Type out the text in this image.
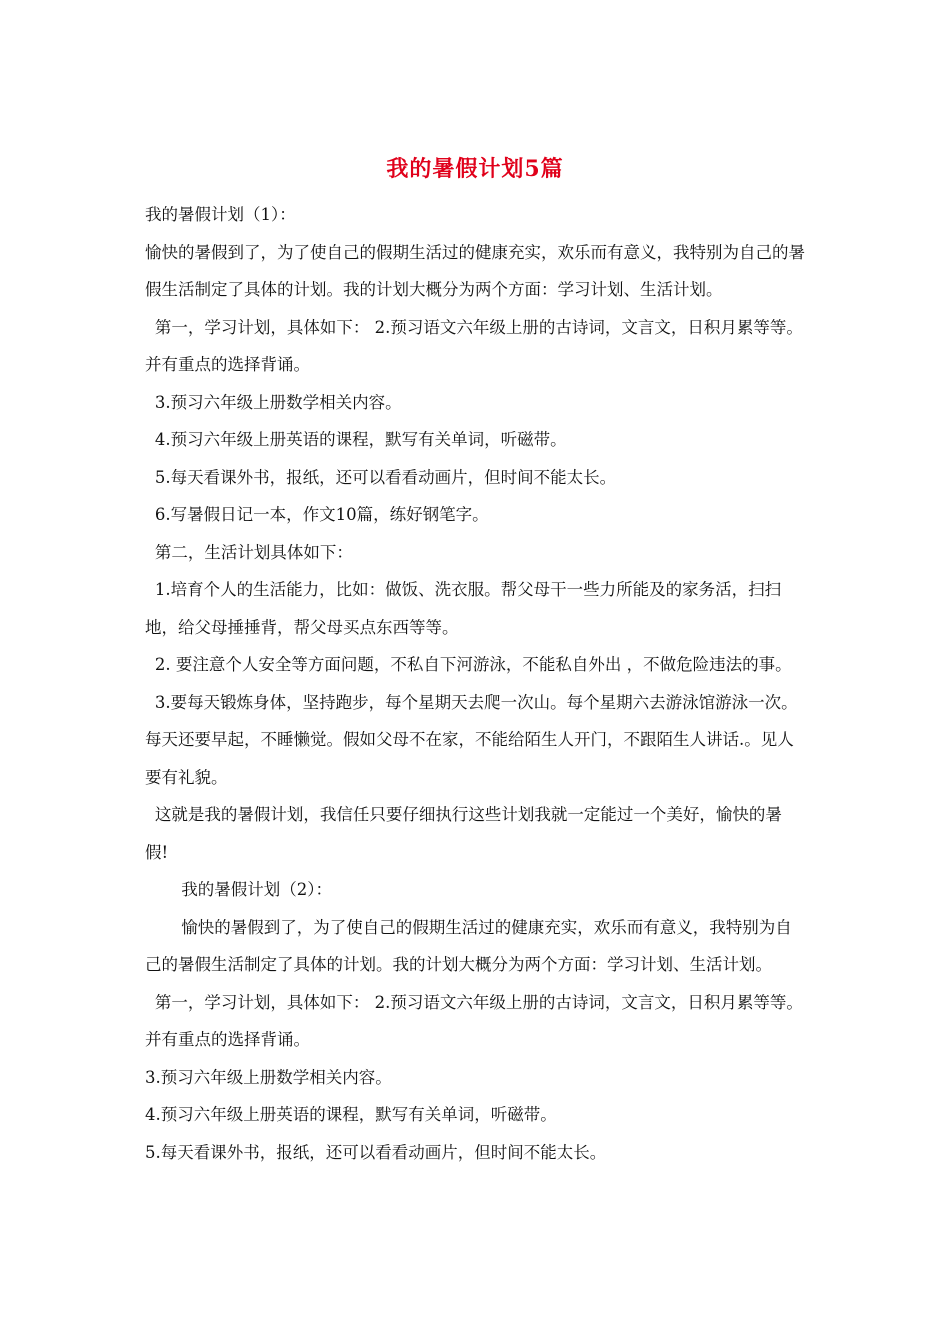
我的暑假计划5篇

我的暑假计划（1）：

愉快的暑假到了，为了使自己的假期生活过的健康充实，欢乐而有意义，我特别为自己的暑假生活制定了具体的计划。我的计划大概分为两个方面：学习计划、生活计划。

第一，学习计划，具体如下： 2.预习语文六年级上册的古诗词，文言文，日积月累等等。并有重点的选择背诵。

3.预习六年级上册数学相关内容。

4.预习六年级上册英语的课程，默写有关单词，听磁带。

5.每天看课外书，报纸，还可以看看动画片，但时间不能太长。

6.写暑假日记一本，作文10篇，练好钢笔字。

第二，生活计划具体如下：

1.培育个人的生活能力，比如：做饭、洗衣服。帮父母干一些力所能及的家务活，扫扫地，给父母捶捶背，帮父母买点东西等等。

2. 要注意个人安全等方面问题，不私自下河游泳，不能私自外出 ，不做危险违法的事。

3.要每天锻炼身体，坚持跑步，每个星期天去爬一次山。每个星期六去游泳馆游泳一次。每天还要早起，不睡懒觉。假如父母不在家，不能给陌生人开门，不跟陌生人讲话.。见人要有礼貌。

这就是我的暑假计划，我信任只要仔细执行这些计划我就一定能过一个美好，愉快的暑假!

我的暑假计划（2）：

愉快的暑假到了，为了使自己的假期生活过的健康充实，欢乐而有意义，我特别为自己的暑假生活制定了具体的计划。我的计划大概分为两个方面：学习计划、生活计划。

第一，学习计划，具体如下： 2.预习语文六年级上册的古诗词，文言文，日积月累等等。并有重点的选择背诵。

3.预习六年级上册数学相关内容。

4.预习六年级上册英语的课程，默写有关单词，听磁带。

5.每天看课外书，报纸，还可以看看动画片，但时间不能太长。
